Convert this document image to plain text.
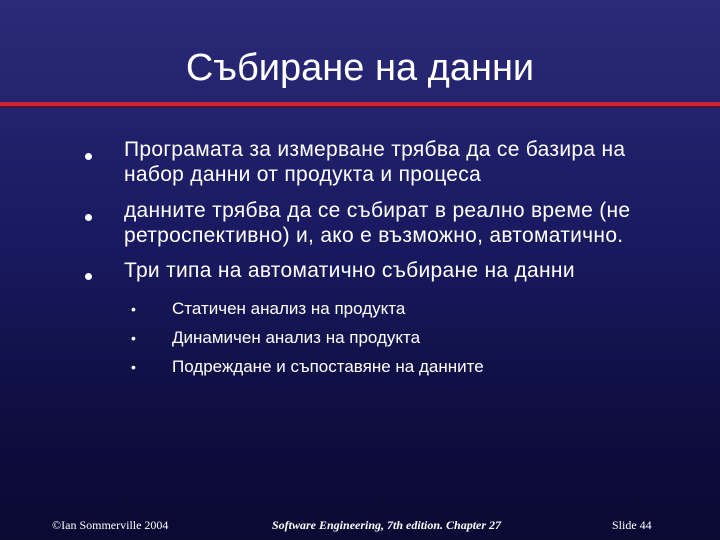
Събиране на данни
Програмата за измерване трябва да се базира на
набор данни от продукта и процеса
данните трябва да се събират в реално време (не
ретроспективно) и, ако е възможно, автоматично.
Три типа на автоматично събиране на данни
• Статичен анализ на продукта
• Динамичен анализ на продукта
• Подреждане и съпоставяне на данните
©Ian Sommerville 2004	Software Engineering, 7th edition. Chapter 27	Slide 44
